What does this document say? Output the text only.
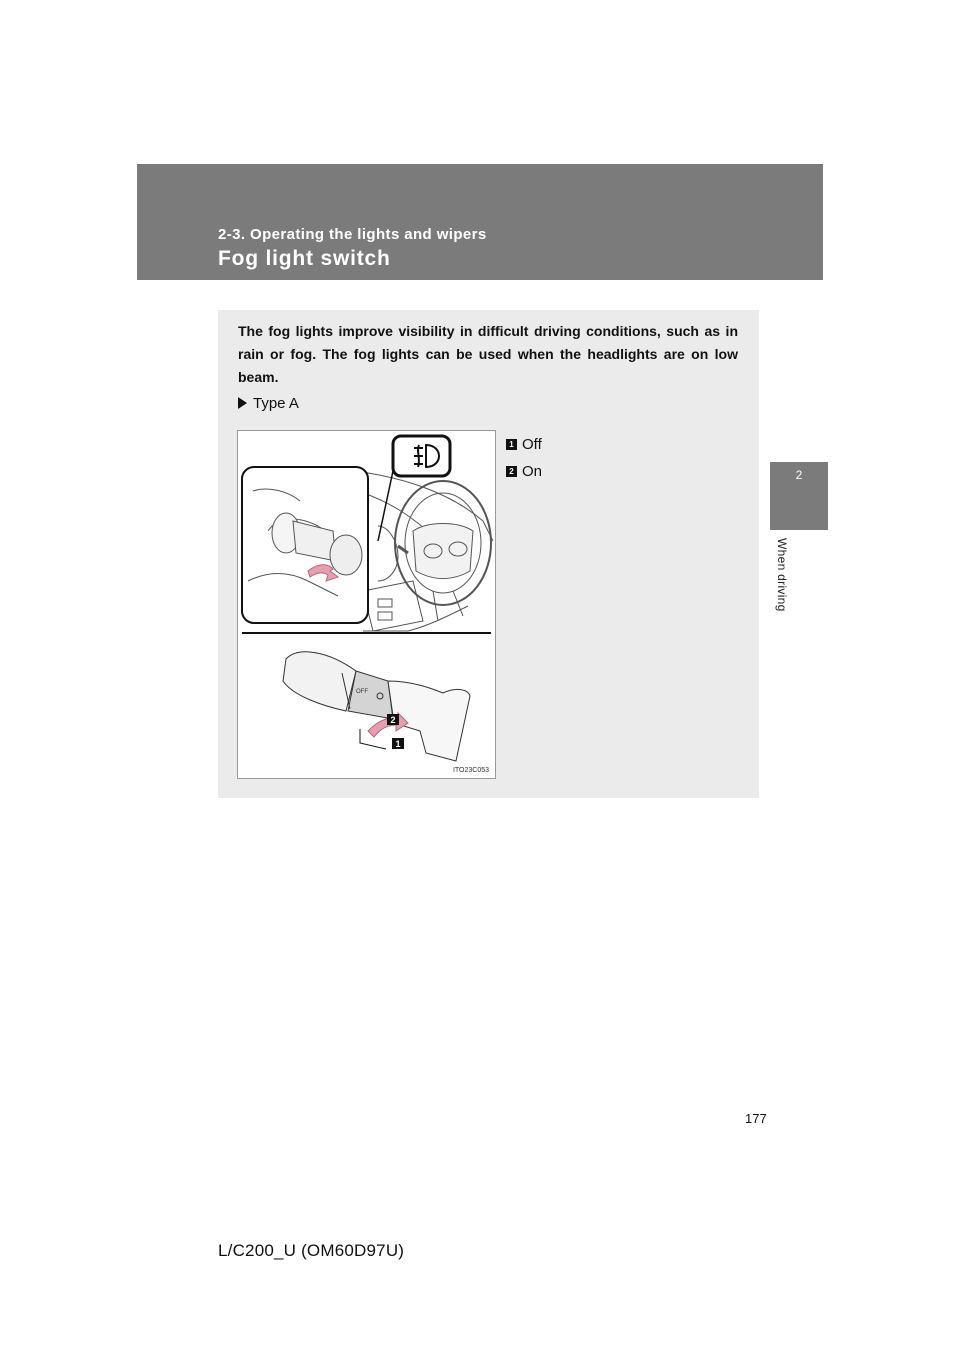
2-3. Operating the lights and wipers
Fog light switch
2
When driving

The fog lights improve visibility in difficult driving conditions, such as in rain or fog. The fog lights can be used when the headlights are on low beam.

Type A
OFF
2
1
ITO23C053
1 Off
2 On
177
L/C200_U (OM60D97U)
